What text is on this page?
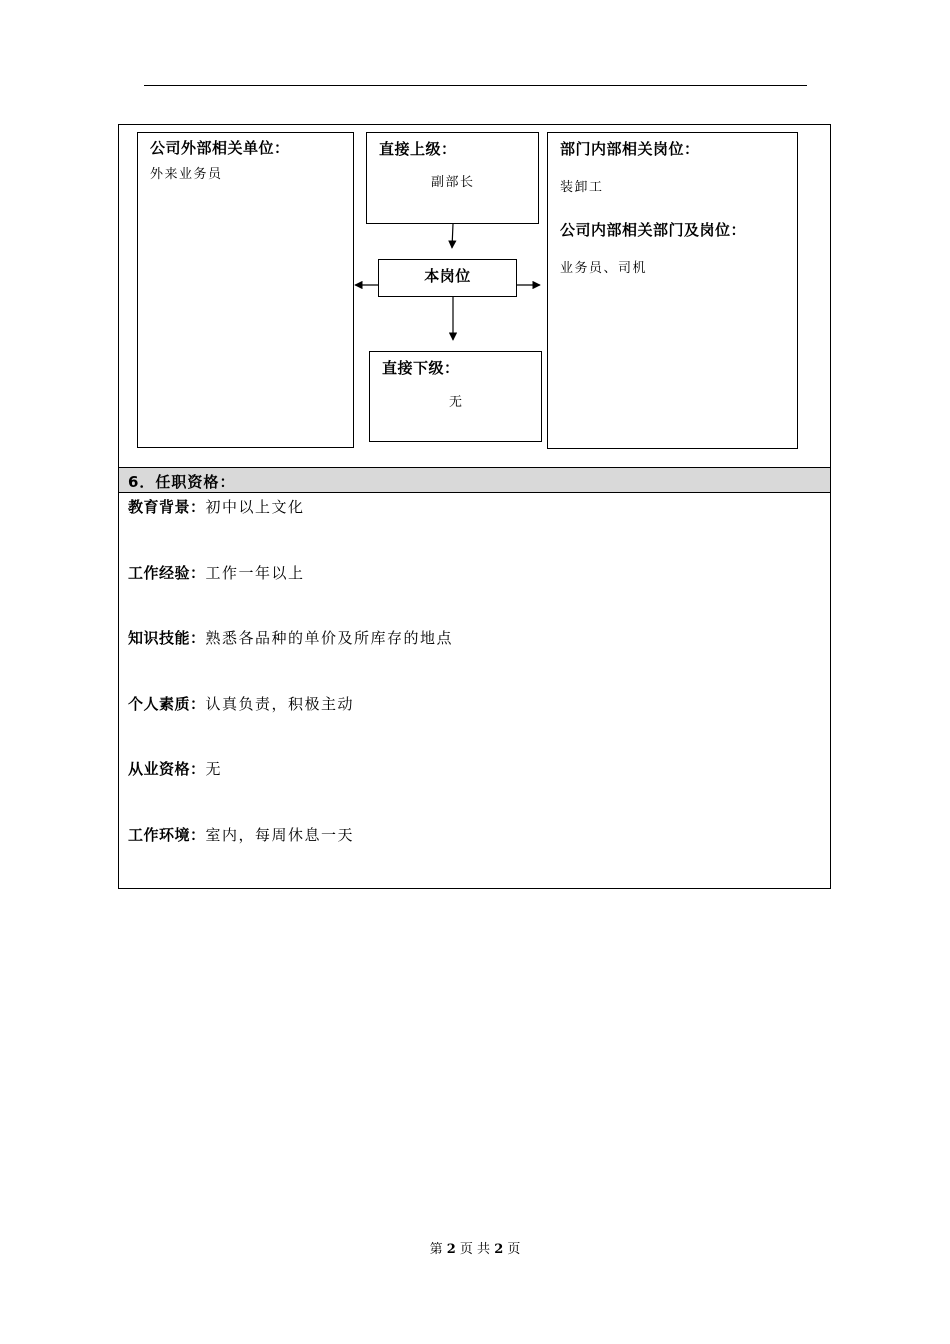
公司外部相关单位：
外来业务员
直接上级：
副部长
本岗位
直接下级：
无
部门内部相关岗位：
装卸工
公司内部相关部门及岗位：
业务员、司机
6．任职资格：
教育背景：初中以上文化
工作经验：工作一年以上
知识技能：熟悉各品种的单价及所库存的地点
个人素质：认真负责，积极主动
从业资格：无
工作环境：室内，每周休息一天
第 2 页 共 2 页
